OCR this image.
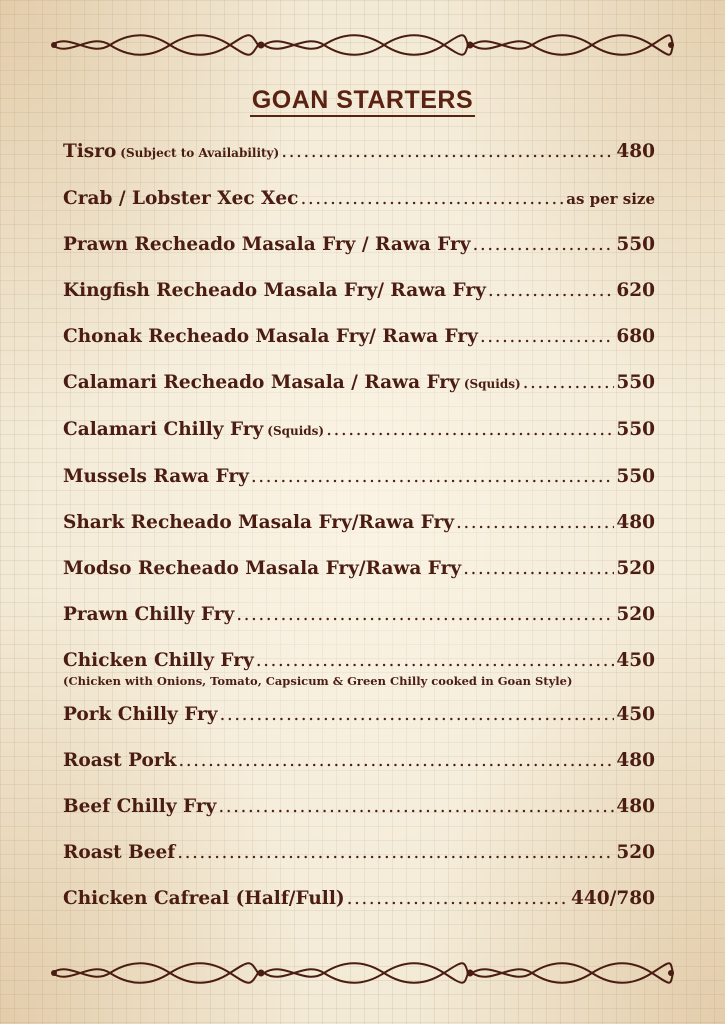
GOAN STARTERS
Tisro (Subject to Availability) .....	480
Crab / Lobster Xec Xec .....	as per size
Prawn Recheado Masala Fry / Rawa Fry .....	550
Kingfish Recheado Masala Fry/ Rawa Fry .....	620
Chonak Recheado Masala Fry/ Rawa Fry .....	680
Calamari Recheado Masala / Rawa Fry (Squids) .....	550
Calamari Chilly Fry (Squids) .....	550
Mussels Rawa Fry .....	550
Shark Recheado Masala Fry/Rawa Fry .....	480
Modso Recheado Masala Fry/Rawa Fry .....	520
Prawn Chilly Fry .....	520
Chicken Chilly Fry .....	450
(Chicken with Onions, Tomato, Capsicum & Green Chilly cooked in Goan Style)
Pork Chilly Fry .....	450
Roast Pork .....	480
Beef Chilly Fry .....	480
Roast Beef .....	520
Chicken Cafreal (Half/Full) .....	440/780
